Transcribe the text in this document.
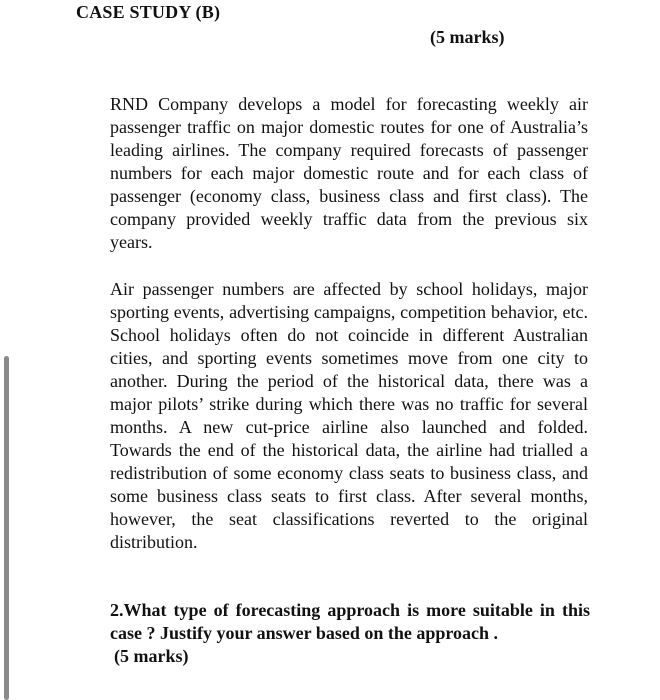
CASE STUDY (B)
(5 marks)

RND Company develops a model for forecasting weekly air passenger traffic on major domestic routes for one of Australia’s leading airlines. The company required forecasts of passenger numbers for each major domestic route and for each class of passenger (economy class, business class and first class). The company provided weekly traffic data from the previous six years.

Air passenger numbers are affected by school holidays, major sporting events, advertising campaigns, competition behavior, etc. School holidays often do not coincide in different Australian cities, and sporting events sometimes move from one city to another. During the period of the historical data, there was a major pilots’ strike during which there was no traffic for several months. A new cut-price airline also launched and folded. Towards the end of the historical data, the airline had trialled a redistribution of some economy class seats to business class, and some business class seats to first class. After several months, however, the seat classifications reverted to the original distribution.

2.What type of forecasting approach is more suitable in this case ? Justify your answer based on the approach .

(5 marks)
